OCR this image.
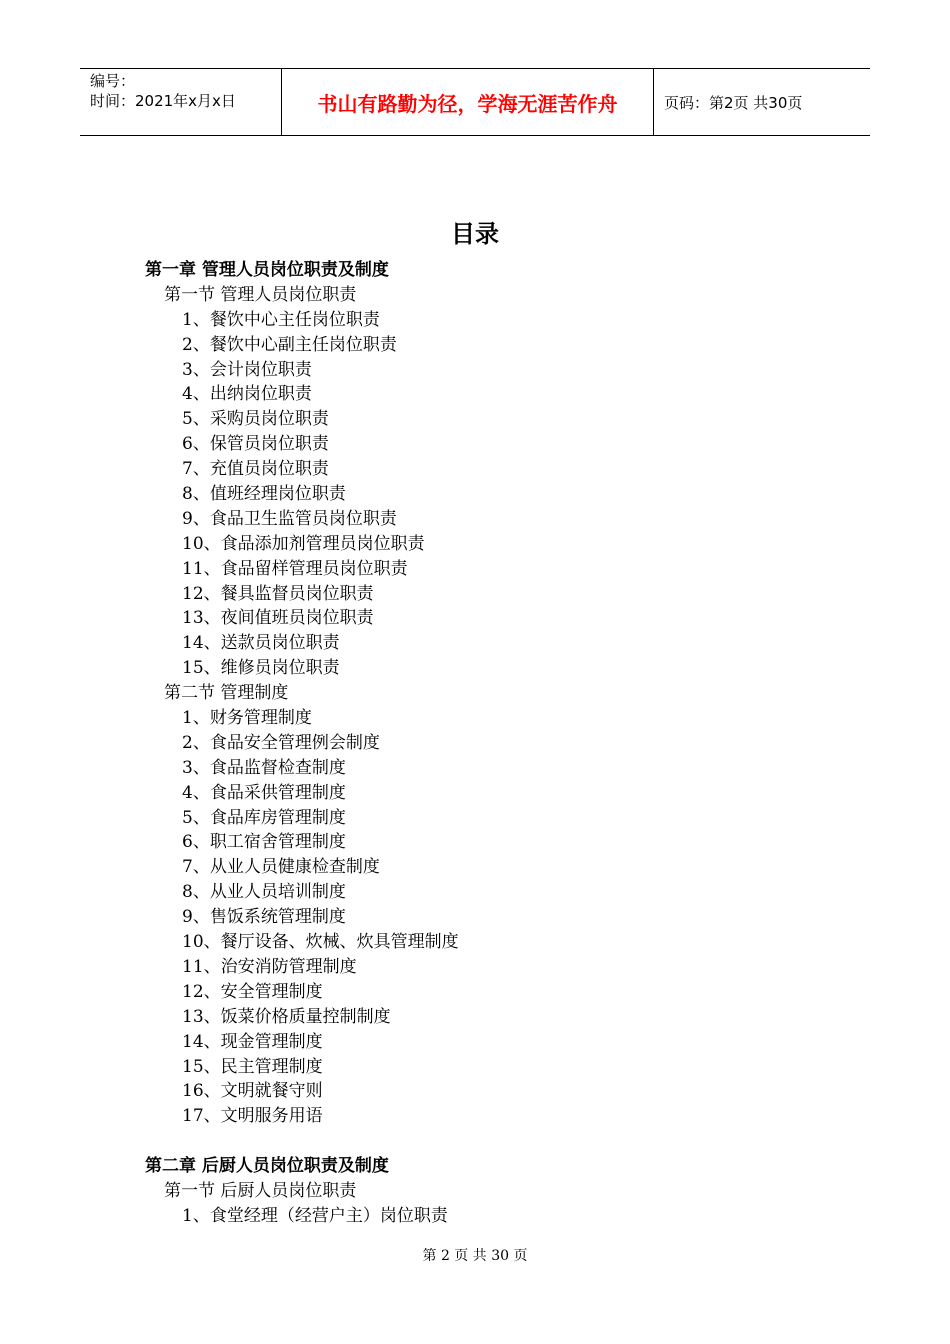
编号：
时间：2021年x月x日	书山有路勤为径，学海无涯苦作舟	页码：第2页 共30页
目录
第一章 管理人员岗位职责及制度
第一节 管理人员岗位职责
1、餐饮中心主任岗位职责
2、餐饮中心副主任岗位职责
3、会计岗位职责
4、出纳岗位职责
5、采购员岗位职责
6、保管员岗位职责
7、充值员岗位职责
8、值班经理岗位职责
9、食品卫生监管员岗位职责
10、食品添加剂管理员岗位职责
11、食品留样管理员岗位职责
12、餐具监督员岗位职责
13、夜间值班员岗位职责
14、送款员岗位职责
15、维修员岗位职责
第二节 管理制度
1、财务管理制度
2、食品安全管理例会制度
3、食品监督检查制度
4、食品采供管理制度
5、食品库房管理制度
6、职工宿舍管理制度
7、从业人员健康检查制度
8、从业人员培训制度
9、售饭系统管理制度
10、餐厅设备、炊械、炊具管理制度
11、治安消防管理制度
12、安全管理制度
13、饭菜价格质量控制制度
14、现金管理制度
15、民主管理制度
16、文明就餐守则
17、文明服务用语
第二章 后厨人员岗位职责及制度
第一节 后厨人员岗位职责
1、食堂经理（经营户主）岗位职责
第 2 页 共 30 页
